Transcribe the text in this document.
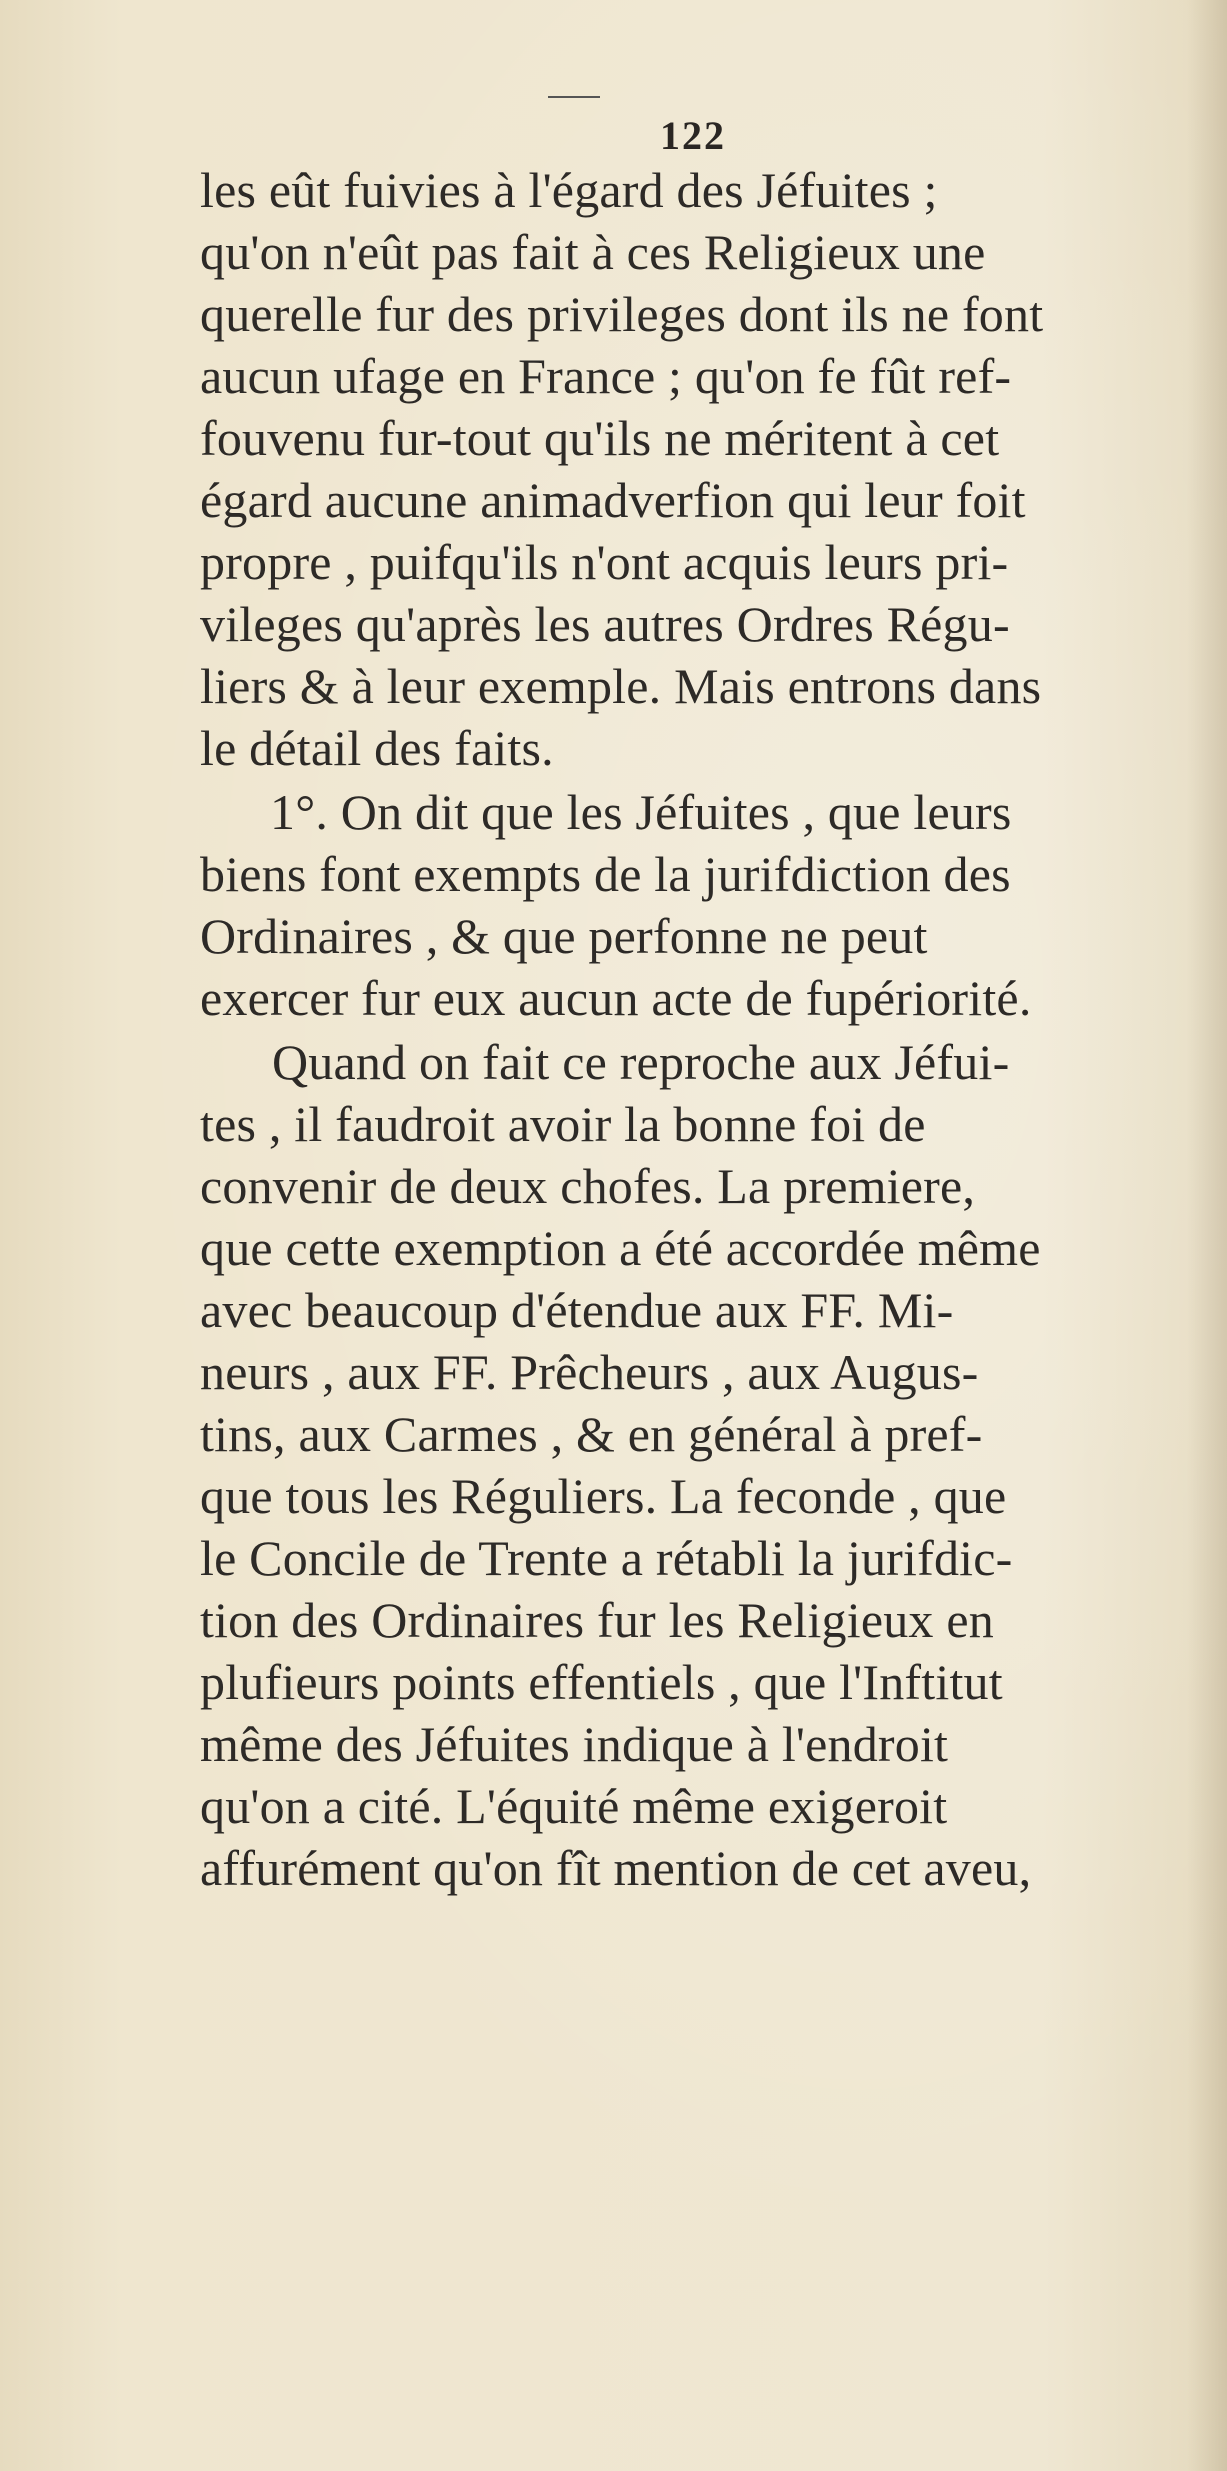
122
les eût fuivies à l'égard des Jéfuites ;
qu'on n'eût pas fait à ces Religieux une
querelle fur des privileges dont ils ne font
aucun ufage en France ; qu'on fe fût ref-
fouvenu fur-tout qu'ils ne méritent à cet
égard aucune animadverfion qui leur foit
propre , puifqu'ils n'ont acquis leurs pri-
vileges qu'après les autres Ordres Régu-
liers & à leur exemple. Mais entrons dans
le détail des faits.
1°. On dit que les Jéfuites , que leurs
biens font exempts de la jurifdiction des
Ordinaires , & que perfonne ne peut
exercer fur eux aucun acte de fupériorité.
Quand on fait ce reproche aux Jéfui-
tes , il faudroit avoir la bonne foi de
convenir de deux chofes. La premiere,
que cette exemption a été accordée même
avec beaucoup d'étendue aux FF. Mi-
neurs , aux FF. Prêcheurs , aux Augus-
tins, aux Carmes , & en général à pref-
que tous les Réguliers. La feconde , que
le Concile de Trente a rétabli la jurifdic-
tion des Ordinaires fur les Religieux en
plufieurs points effentiels , que l'Inftitut
même des Jéfuites indique à l'endroit
qu'on a cité. L'équité même exigeroit
affurément qu'on fît mention de cet aveu,
